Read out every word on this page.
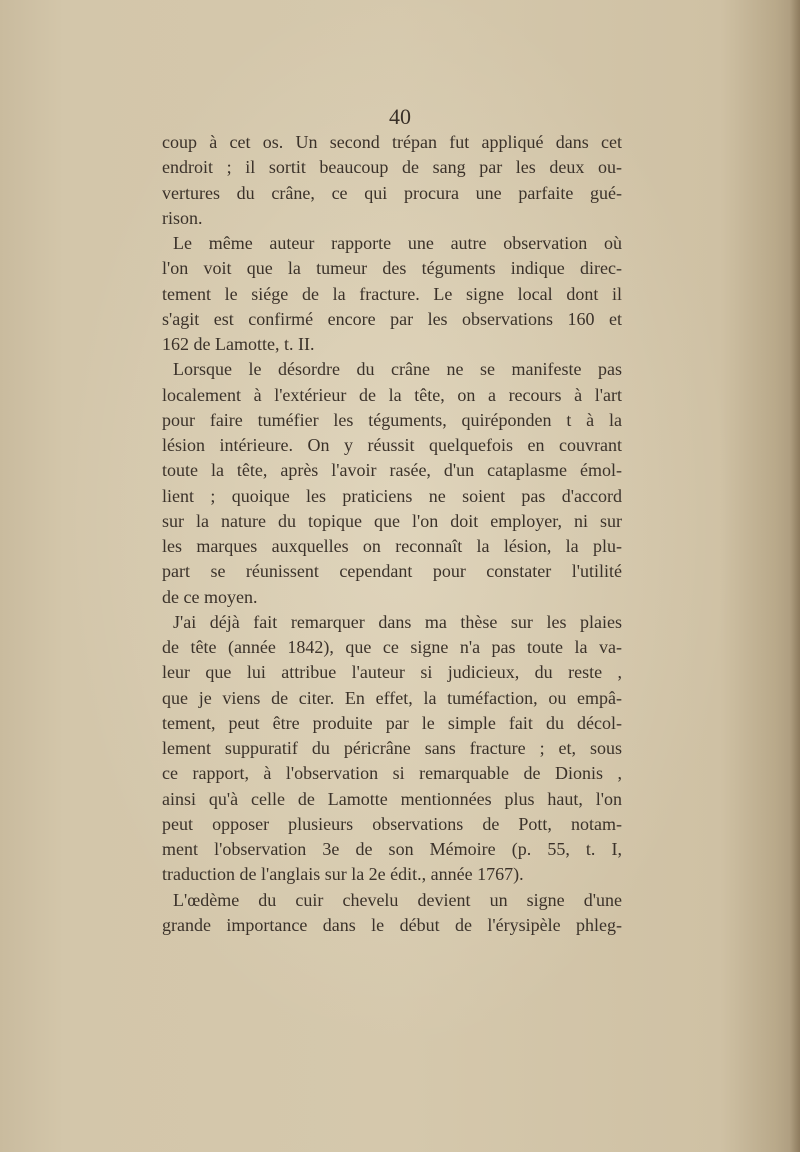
40
coup à cet os. Un second trépan fut appliqué dans cet
endroit ; il sortit beaucoup de sang par les deux ou-
vertures du crâne, ce qui procura une parfaite gué-
rison.
Le même auteur rapporte une autre observation où
l'on voit que la tumeur des téguments indique direc-
tement le siége de la fracture. Le signe local dont il
s'agit est confirmé encore par les observations 160 et
162 de Lamotte, t. II.
Lorsque le désordre du crâne ne se manifeste pas
localement à l'extérieur de la tête, on a recours à l'art
pour faire tuméfier les téguments, quiréponden t à la
lésion intérieure. On y réussit quelquefois en couvrant
toute la tête, après l'avoir rasée, d'un cataplasme émol-
lient ; quoique les praticiens ne soient pas d'accord
sur la nature du topique que l'on doit employer, ni sur
les marques auxquelles on reconnaît la lésion, la plu-
part se réunissent cependant pour constater l'utilité
de ce moyen.
J'ai déjà fait remarquer dans ma thèse sur les plaies
de tête (année 1842), que ce signe n'a pas toute la va-
leur que lui attribue l'auteur si judicieux, du reste ,
que je viens de citer. En effet, la tuméfaction, ou empâ-
tement, peut être produite par le simple fait du décol-
lement suppuratif du péricrâne sans fracture ; et, sous
ce rapport, à l'observation si remarquable de Dionis ,
ainsi qu'à celle de Lamotte mentionnées plus haut, l'on
peut opposer plusieurs observations de Pott, notam-
ment l'observation 3e de son Mémoire (p. 55, t. I,
traduction de l'anglais sur la 2e édit., année 1767).
L'œdème du cuir chevelu devient un signe d'une
grande importance dans le début de l'érysipèle phleg-
